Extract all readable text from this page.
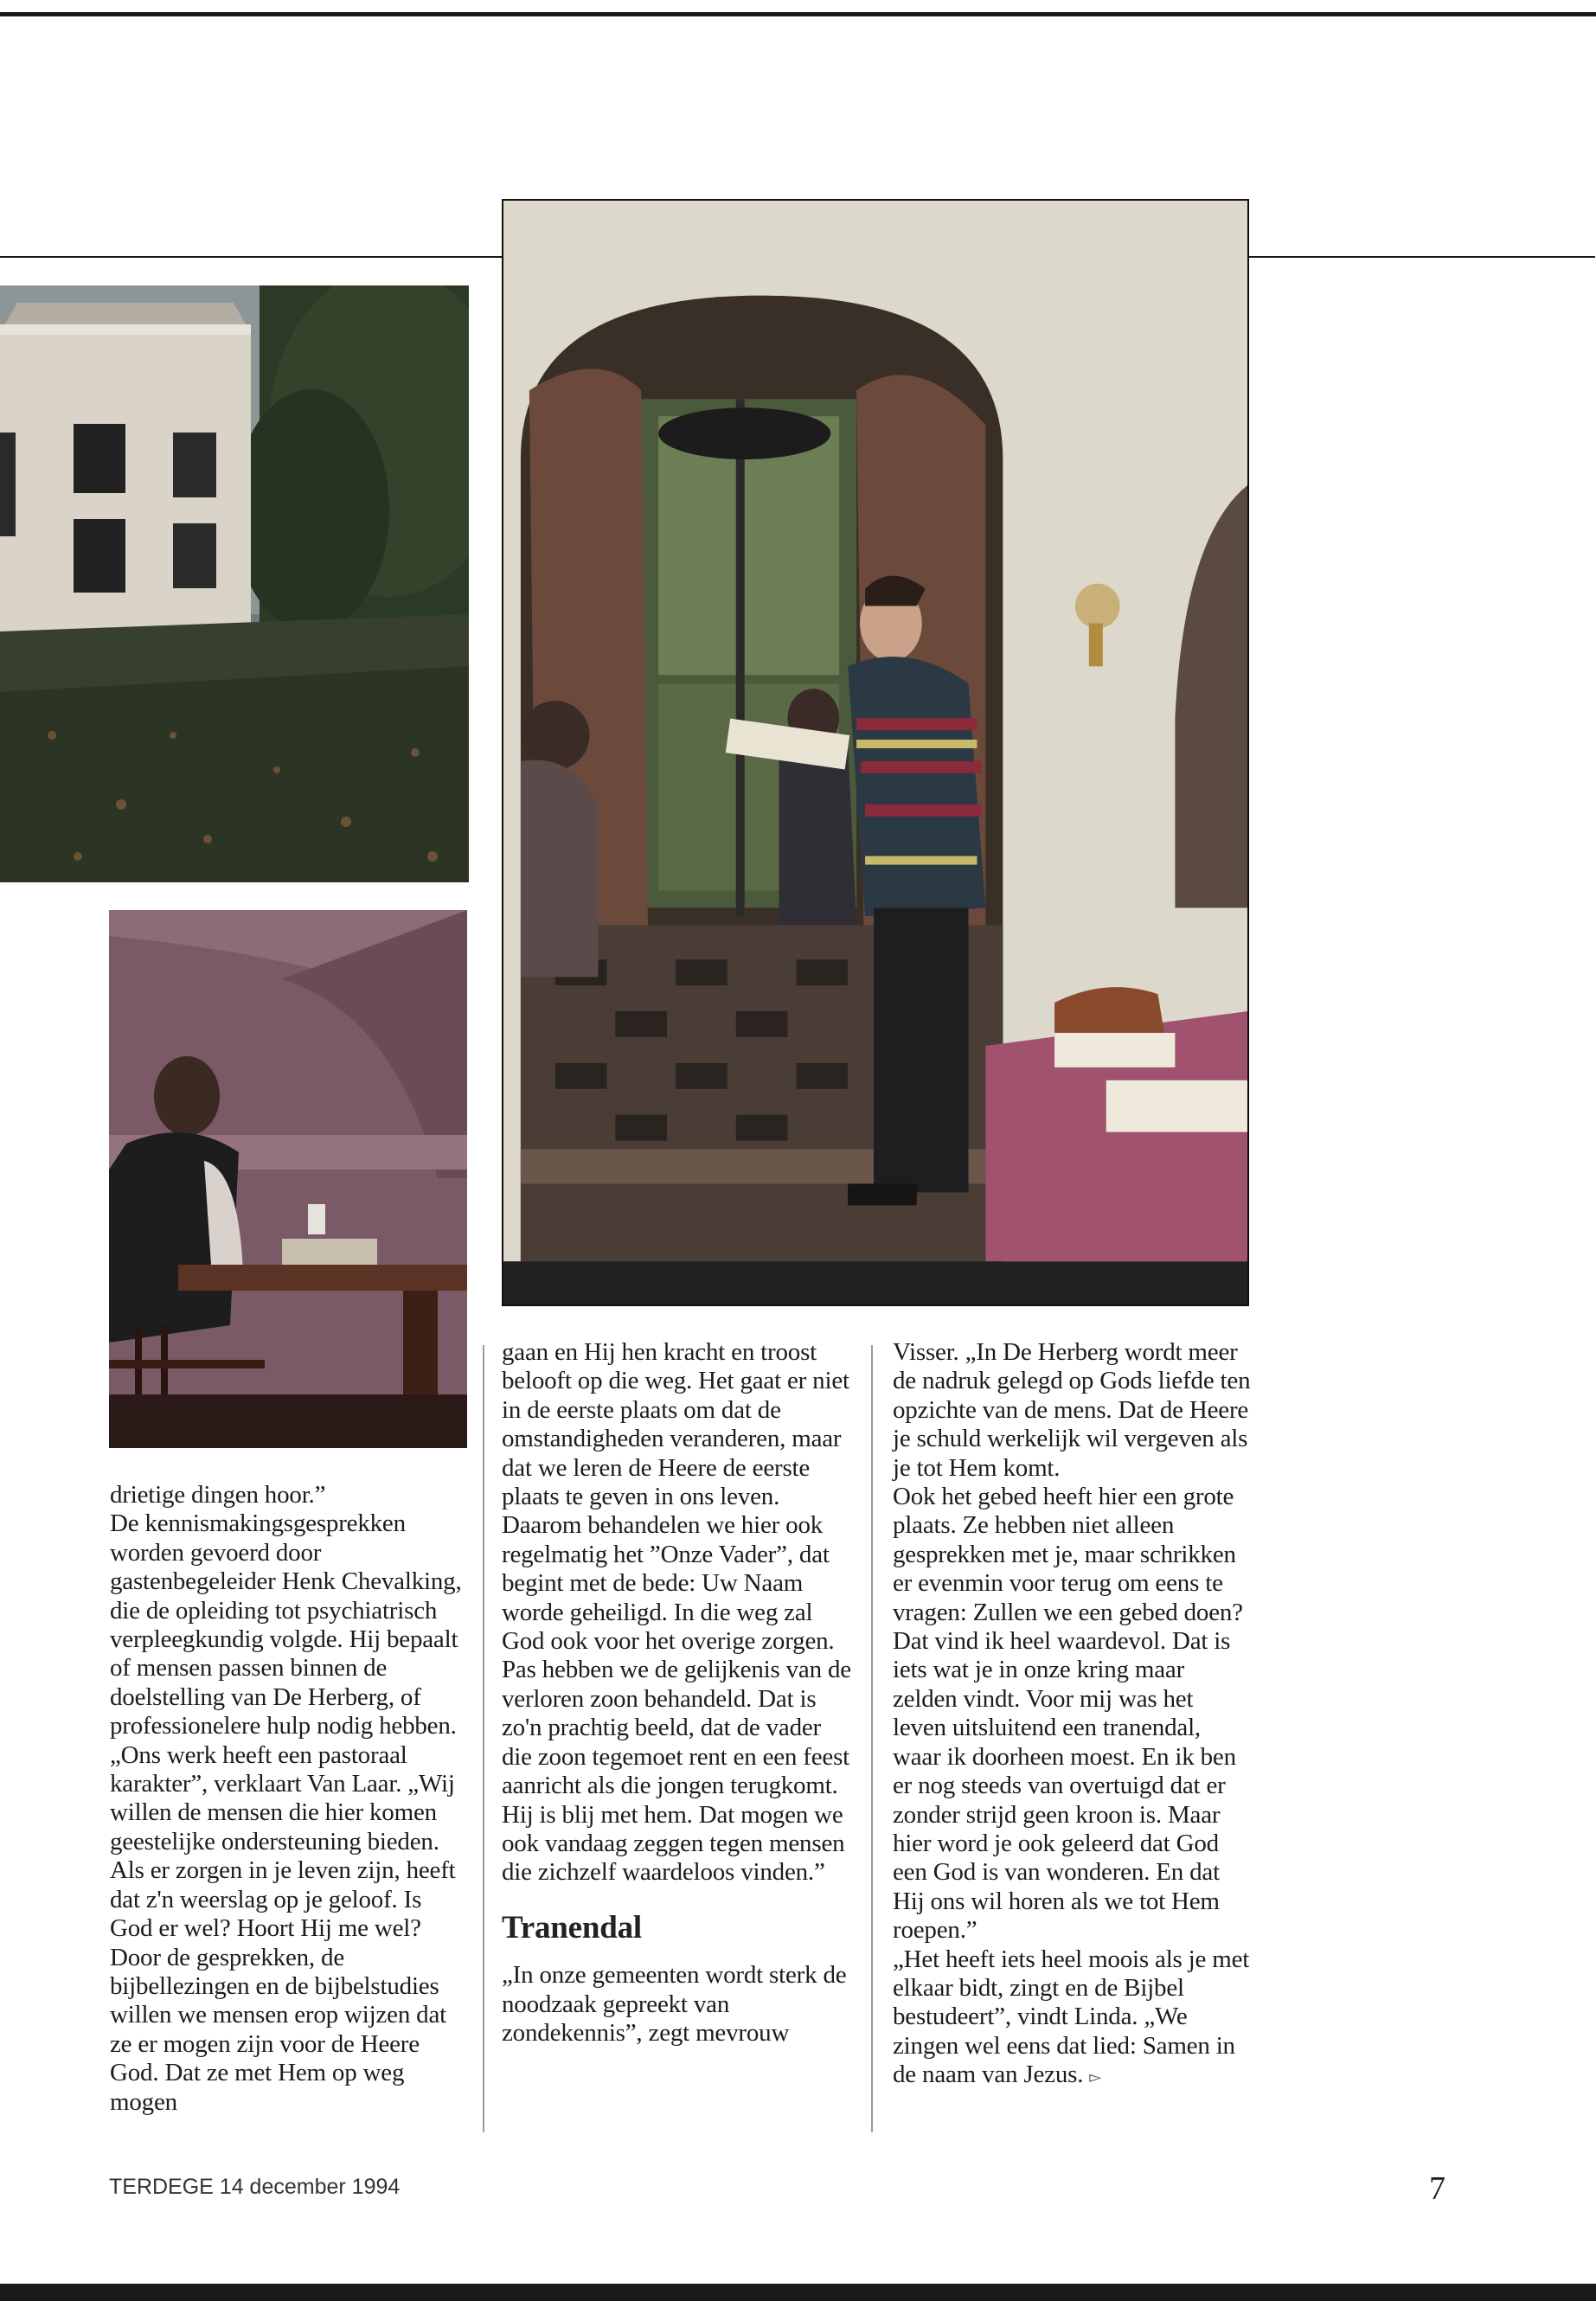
drietige dingen hoor.”
De kennismakingsgesprekken worden gevoerd door gastenbegeleider Henk Chevalking, die de opleiding tot psychiatrisch verpleegkundig volgde. Hij bepaalt of mensen passen binnen de doelstelling van De Herberg, of professionelere hulp nodig hebben.

„Ons werk heeft een pastoraal karakter”, verklaart Van Laar. „Wij willen de mensen die hier komen geestelijke ondersteuning bieden. Als er zorgen in je leven zijn, heeft dat z'n weerslag op je geloof. Is God er wel? Hoort Hij me wel? Door de gesprekken, de bijbellezingen en de bijbelstudies willen we mensen erop wijzen dat ze er mogen zijn voor de Heere God. Dat ze met Hem op weg mogen

gaan en Hij hen kracht en troost belooft op die weg. Het gaat er niet in de eerste plaats om dat de omstandigheden veranderen, maar dat we leren de Heere de eerste plaats te geven in ons leven. Daarom behandelen we hier ook regelmatig het ”Onze Vader”, dat begint met de bede: Uw Naam worde geheiligd. In die weg zal God ook voor het overige zorgen. Pas hebben we de gelijkenis van de verloren zoon behandeld. Dat is zo'n prachtig beeld, dat de vader die zoon tegemoet rent en een feest aanricht als die jongen terugkomt. Hij is blij met hem. Dat mogen we ook vandaag zeggen tegen mensen die zichzelf waardeloos vinden.”

Tranendal

„In onze gemeenten wordt sterk de noodzaak gepreekt van zondekennis”, zegt mevrouw

Visser. „In De Herberg wordt meer de nadruk gelegd op Gods liefde ten opzichte van de mens. Dat de Heere je schuld werkelijk wil vergeven als je tot Hem komt.

Ook het gebed heeft hier een grote plaats. Ze hebben niet alleen gesprekken met je, maar schrikken er evenmin voor terug om eens te vragen: Zullen we een gebed doen? Dat vind ik heel waardevol. Dat is iets wat je in onze kring maar zelden vindt. Voor mij was het leven uitsluitend een tranendal, waar ik doorheen moest. En ik ben er nog steeds van overtuigd dat er zonder strijd geen kroon is. Maar hier word je ook geleerd dat God een God is van wonderen. En dat Hij ons wil horen als we tot Hem roepen.”

„Het heeft iets heel moois als je met elkaar bidt, zingt en de Bijbel bestudeert”, vindt Linda. „We zingen wel eens dat lied: Samen in de naam van Jezus. ▻

TERDEGE 14 december 1994	7
